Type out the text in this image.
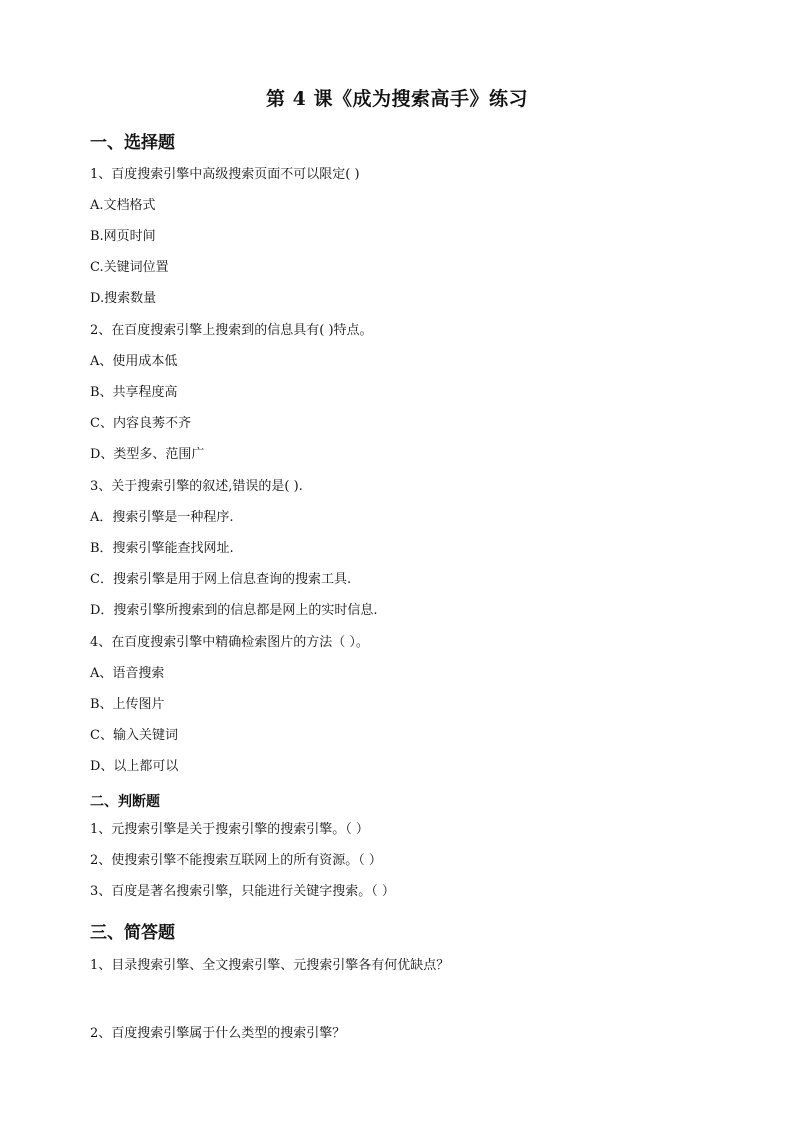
第 4 课《成为搜索高手》练习
一、选择题
1、百度搜索引擎中高级搜索页面不可以限定( )
A.文档格式
B.网页时间
C.关键词位置
D.搜索数量
2、在百度搜索引擎上搜索到的信息具有( )特点。
A、使用成本低
B、共享程度高
C、内容良莠不齐
D、类型多、范围广
3、关于搜索引擎的叙述,错误的是( ).
A．搜索引擎是一种程序.
B．搜索引擎能查找网址.
C．搜索引擎是用于网上信息查询的搜索工具.
D．搜索引擎所搜索到的信息都是网上的实时信息.
4、在百度搜索引擎中精确检索图片的方法（ ）。
A、语音搜索
B、上传图片
C、输入关键词
D、以上都可以
二、判断题
1、元搜索引擎是关于搜索引擎的搜索引擎。（ ）
2、使搜索引擎不能搜索互联网上的所有资源。（ ）
3、百度是著名搜索引擎，只能进行关键字搜索。（ ）
三、简答题
1、目录搜索引擎、全文搜索引擎、元搜索引擎各有何优缺点？
2、百度搜索引擎属于什么类型的搜索引擎？
